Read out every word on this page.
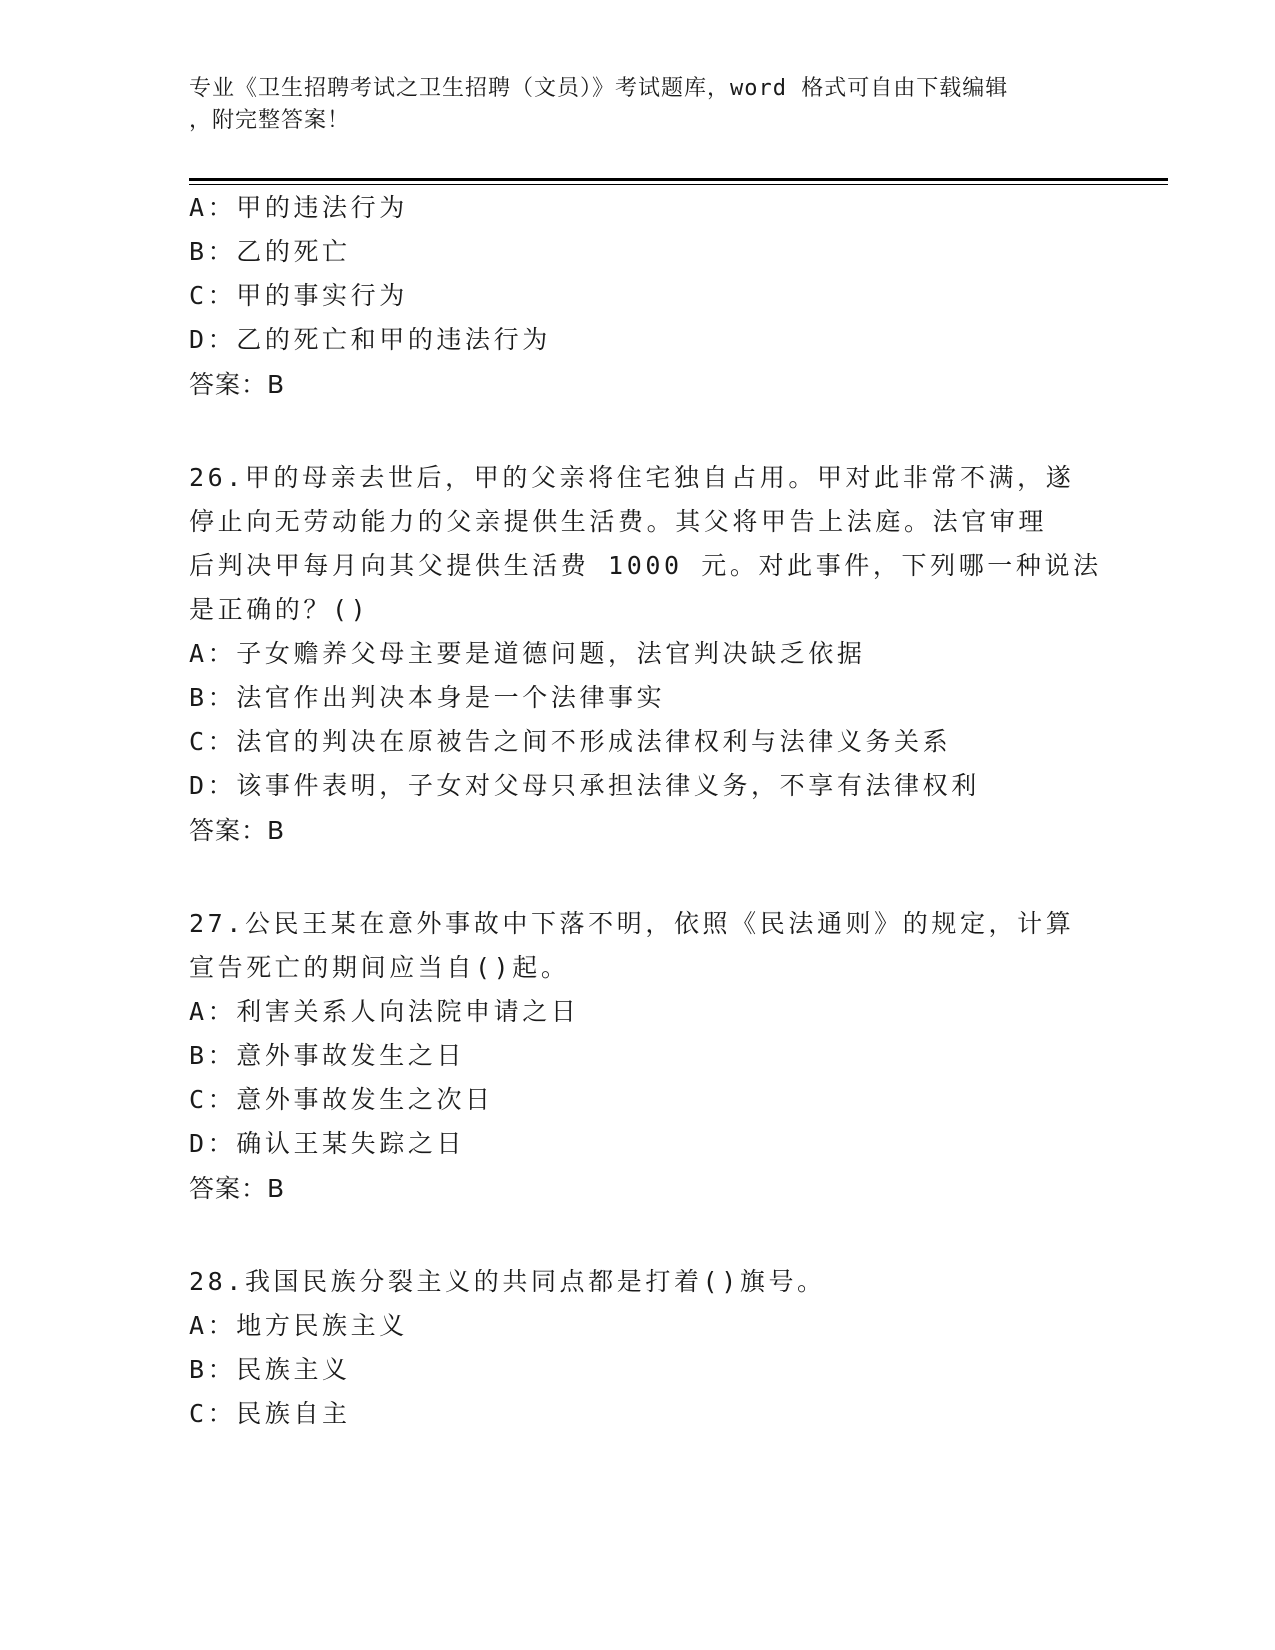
专业《卫生招聘考试之卫生招聘（文员）》考试题库，word 格式可自由下载编辑

，附完整答案！

A：甲的违法行为
B：乙的死亡
C：甲的事实行为
D：乙的死亡和甲的违法行为
答案：B
26.甲的母亲去世后，甲的父亲将住宅独自占用。甲对此非常不满，遂
停止向无劳动能力的父亲提供生活费。其父将甲告上法庭。法官审理
后判决甲每月向其父提供生活费 1000 元。对此事件，下列哪一种说法
是正确的？()
A：子女赡养父母主要是道德问题，法官判决缺乏依据
B：法官作出判决本身是一个法律事实
C：法官的判决在原被告之间不形成法律权利与法律义务关系
D：该事件表明，子女对父母只承担法律义务，不享有法律权利
答案：B
27.公民王某在意外事故中下落不明，依照《民法通则》的规定，计算
宣告死亡的期间应当自()起。
A：利害关系人向法院申请之日
B：意外事故发生之日
C：意外事故发生之次日
D：确认王某失踪之日
答案：B
28.我国民族分裂主义的共同点都是打着()旗号。
A：地方民族主义
B：民族主义
C：民族自主
